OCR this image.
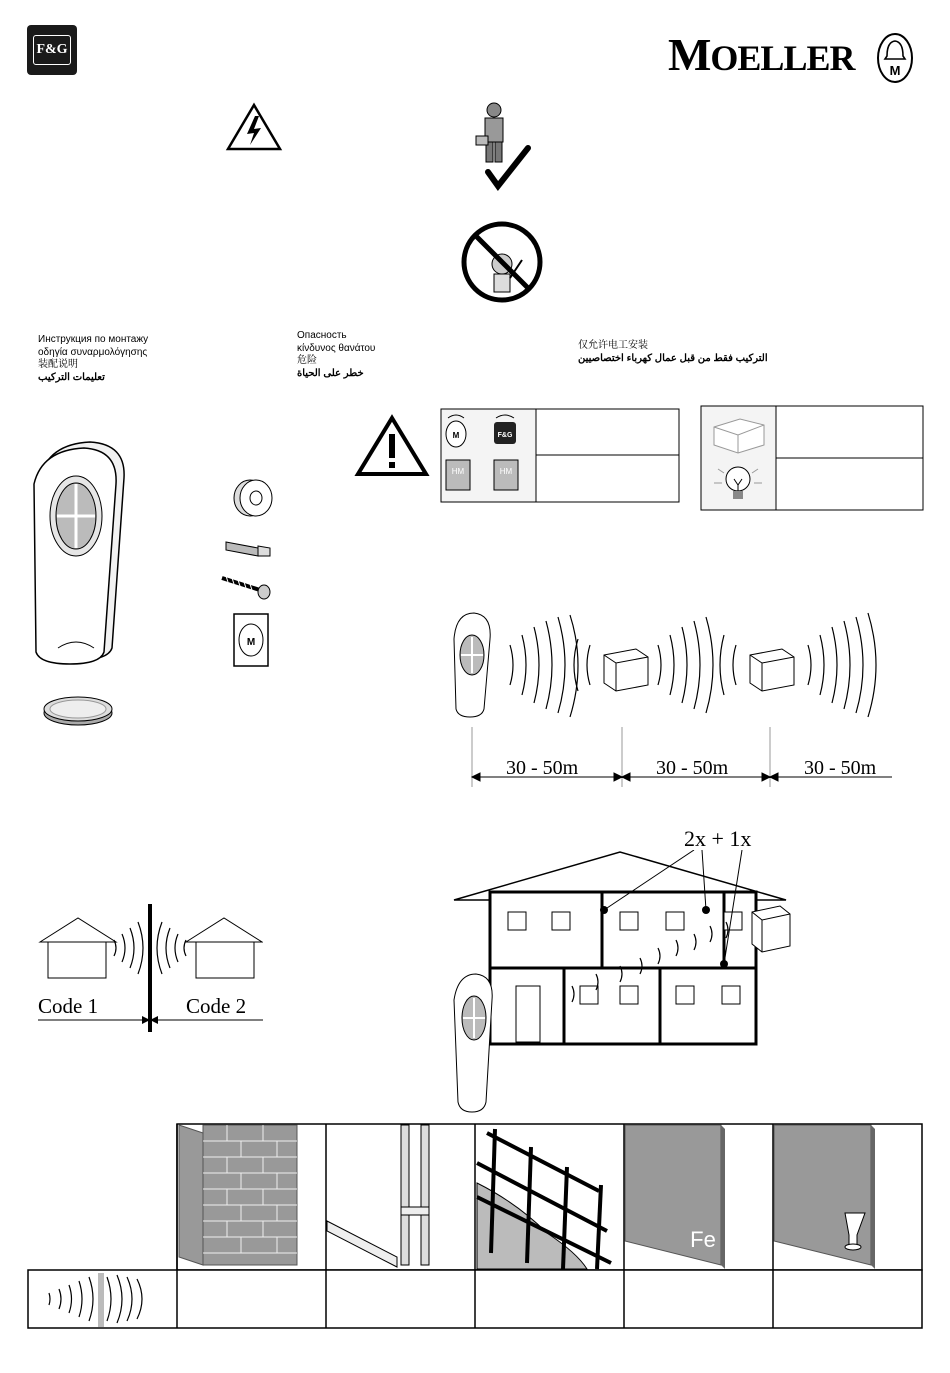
F&G	MOELLER	M
Инструкция по монтажу
οδηγία συναρμολόγησης
装配说明
تعليمات التركيب
Опасность
κίνδυνος θανάτου
危险
خطر على الحياة
仅允许电工安装
التركيب فقط من قبل عمال كهرباء اختصاصيين
M
M	F&G
HM	HM
30 - 50m	30 - 50m	30 - 50m
Code 1	Code 2
2x + 1x
Fe
